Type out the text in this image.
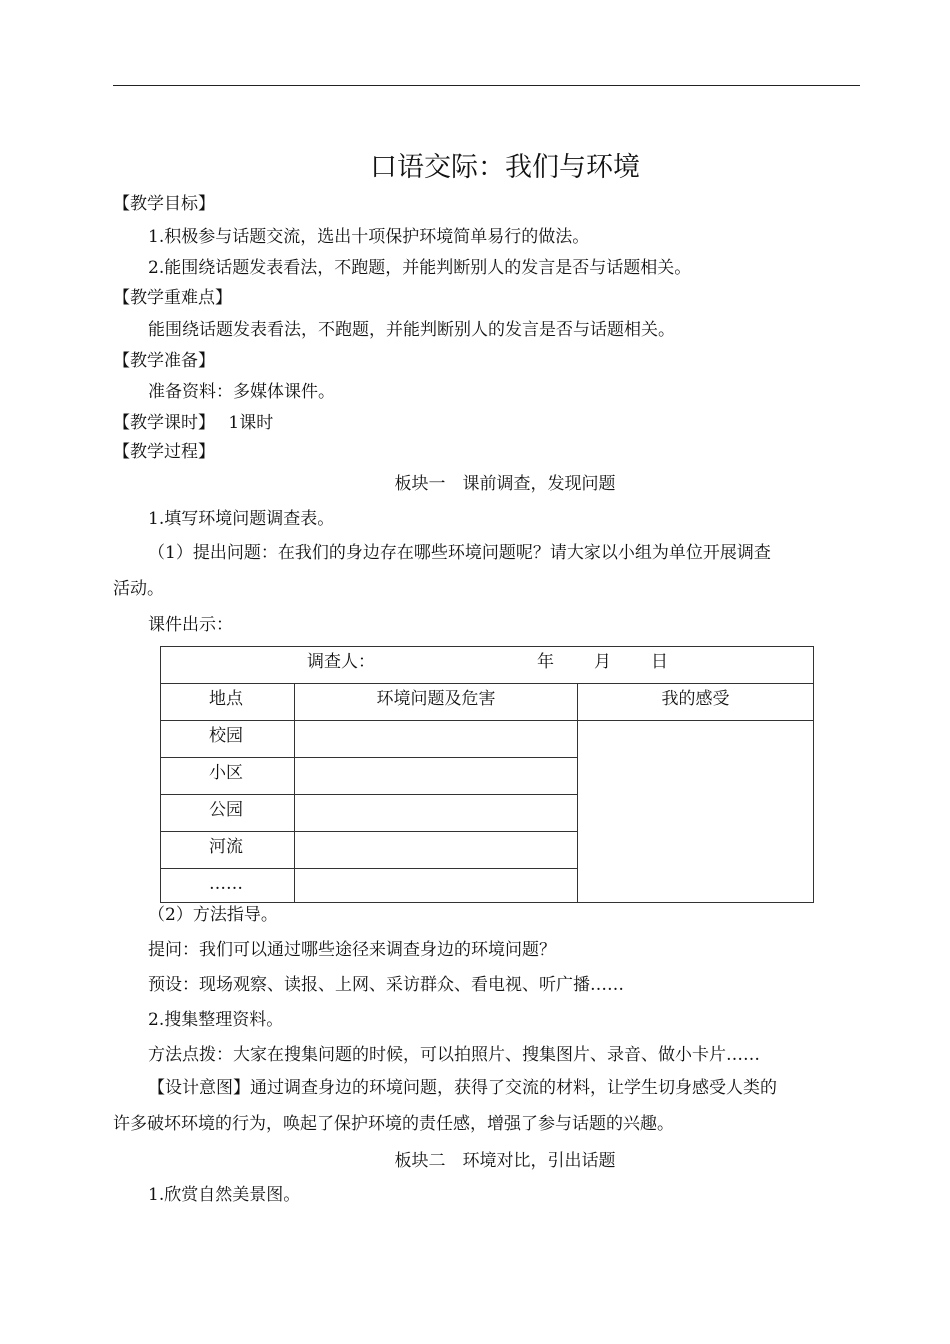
口语交际：我们与环境
【教学目标】
1.积极参与话题交流，选出十项保护环境简单易行的做法。
2.能围绕话题发表看法，不跑题，并能判断别人的发言是否与话题相关。
【教学重难点】
能围绕话题发表看法，不跑题，并能判断别人的发言是否与话题相关。
【教学准备】
准备资料：多媒体课件。
【教学课时】 1课时
【教学过程】
板块一　课前调查，发现问题
1.填写环境问题调查表。
（1）提出问题：在我们的身边存在哪些环境问题呢？请大家以小组为单位开展调查
活动。
课件出示：
调查人： 年 月 日		

地点	环境问题及危害	我的感受
校园		
小区		
公园		
河流		
……		
（2）方法指导。
提问：我们可以通过哪些途径来调查身边的环境问题？
预设：现场观察、读报、上网、采访群众、看电视、听广播……
2.搜集整理资料。
方法点拨：大家在搜集问题的时候，可以拍照片、搜集图片、录音、做小卡片……
【设计意图】通过调查身边的环境问题，获得了交流的材料，让学生切身感受人类的
许多破坏环境的行为，唤起了保护环境的责任感，增强了参与话题的兴趣。
板块二　环境对比，引出话题
1.欣赏自然美景图。
